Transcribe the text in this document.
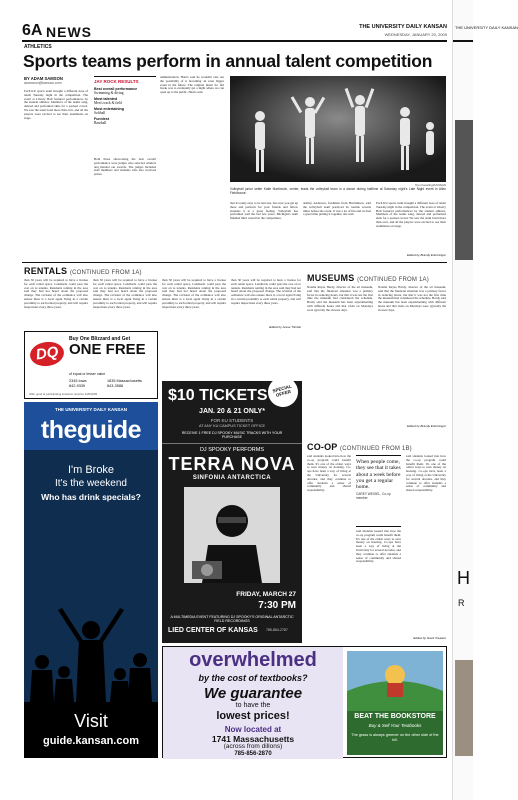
6A NEWS	THE UNIVERSITY DAILY KANSAN
WEDNESDAY, JANUARY 20, 2009
ATHLETICS
Sports teams perform in annual talent competition
BY ADAM SAMSON
asamson@kansan.com
Each KU sports team brought a different dose of talent Tuesday night in the competition. The event at Liberty Hall featured performances by the student athletes. Members of the teams sang, danced and performed skits for a packed crowd. We saw the team bond more than ever, and all the players were excited to see their teammates on stage.
JAY ROCK RESULTS
Best overall performance
Swimming & diving
Most talented
Men's track & field
Most entertaining
Softball
Funniest
Baseball
Both those showcasing the best overall performance were judges who selected winners and handed out awards. The judges included staff members and students who also received prizes.
administration. Harris said he wouldn't rule out the possibility of it becoming an even bigger event in the future. The original intent for fall break was to eventually get a night where we can open up to the public, Harris said.
Tom Kessling/KANSAN
Volleyball junior setter Katie Martincich, center, leads the volleyball team in a dance during halftime at Saturday night's Late Night event in Allen Fieldhouse.
that its really easy to be nervous, but once you get up there and perform for your friends and fellow students it is a great feeling. Volleyball has performed well the last few years. Michigan's team finished third overall in the competition.
Ashley Anderson, freshman from Hutchinson, said the volleyball team practiced its routine several times before the event. It was a lot of fun and we had a great time putting it together, she said.
Each KU sports team brought a different dose of talent Tuesday night in the competition. The event at Liberty Hall featured performances by the student athletes. Members of the teams sang, danced and performed skits for a packed crowd. We saw the team bond more than ever, and all the players were excited to see their teammates on stage.
Edited by Brandy Entzminger
RENTALS (CONTINUED FROM 1A)
than 30 years will be required to have a license for each rental space. Landlords could pass the cost on to tenants. Residents renting in the area said they had not heard about the proposed change. The revision of the ordinance will also ensure there is a local agent living in a certain proximity to each rental property, and will require inspections every three years.
than 30 years will be required to have a license for each rental space. Landlords could pass the cost on to tenants. Residents renting in the area said they had not heard about the proposed change. The revision of the ordinance will also ensure there is a local agent living in a certain proximity to each rental property, and will require inspections every three years.
than 30 years will be required to have a license for each rental space. Landlords could pass the cost on to tenants. Residents renting in the area said they had not heard about the proposed change. The revision of the ordinance will also ensure there is a local agent living in a certain proximity to each rental property, and will require inspections every three years.
than 30 years will be required to have a license for each rental space. Landlords could pass the cost on to tenants. Residents renting in the area said they had not heard about the proposed change. The revision of the ordinance will also ensure there is a local agent living in a certain proximity to each rental property, and will require inspections every three years.
Edited by Jesse Trimble
DQ
Buy One Blizzard and Get
ONE FREE
of equal or lesser value
2345 Iowa	1835 Massachusetts
842-9339	843-3588
Offer good at participating locations. Expires 2/28/2009
THE UNIVERSITY DAILY KANSAN
theguide
I'm Broke
It's the weekend
Who has drink specials?
Visit
guide.kansan.com
SPECIAL OFFER
$10 TICKETS
JAN. 20 & 21 ONLY*
FOR KU STUDENTS
AT ANY KU CAMPUS TICKET OFFICE
RECEIVE 1 FREE DJ SPOOKY MUSIC TRACKS WITH YOUR PURCHASE
DJ SPOOKY PERFORMS
TERRA NOVA
SINFONIA ANTARCTICA
FRIDAY, MARCH 27
7:30 PM
A MULTIMEDIA EVENT FEATURING DJ SPOOKY'S ORIGINAL ANTARCTIC FIELD RECORDINGS
LIED CENTER OF KANSAS 785-864-2787
overwhelmed
by the cost of textbooks?
We guarantee
to have the
lowest prices!
Now located at
1741 Massachusetts
(across from dillons)
785-856-2870
BEAT THE BOOKSTORE
Buy & Sell Your Textbooks
The grass is always greener on the other side of the hill.
MUSEUMS (CONTINUED FROM 1A)
Natalie Reyes Hardy, director of the art museum, said that the financial situation was a primary factor in reducing hours, but that it was not the first time the museum had considered the schedule. Hardy said the museum has been experimenting with different hours and that visits on Mondays were typically the slowest days.
Natalie Reyes Hardy, director of the art museum, said that the financial situation was a primary factor in reducing hours, but that it was not the first time the museum had considered the schedule. Hardy said the museum has been experimenting with different hours and that visits on Mondays were typically the slowest days.
Edited by Brandy Entzminger
CO-OP (CONTINUED FROM 1B)
said students looked into how the co-op program could benefit them. It's one of the oldest ways to save money on housing. Co-ops have been a way of living at the University for several decades, and they continue to offer students a sense of community and shared responsibility.
When people come, they see that it takes about a week before you get a regular home.
CAREY WEIGEL, Co-op member
said students looked into how the co-op program could benefit them. It's one of the oldest ways to save money on housing. Co-ops have been a way of living at the University for several decades, and they continue to offer students a sense of community and shared responsibility.
said students looked into how the co-op program could benefit them. It's one of the oldest ways to save money on housing. Co-ops have been a way of living at the University for several decades, and they continue to offer students a sense of community and shared responsibility.
Edited by Grant Treaster
THE UNIVERSITY DAILY KANSAN
H
R
